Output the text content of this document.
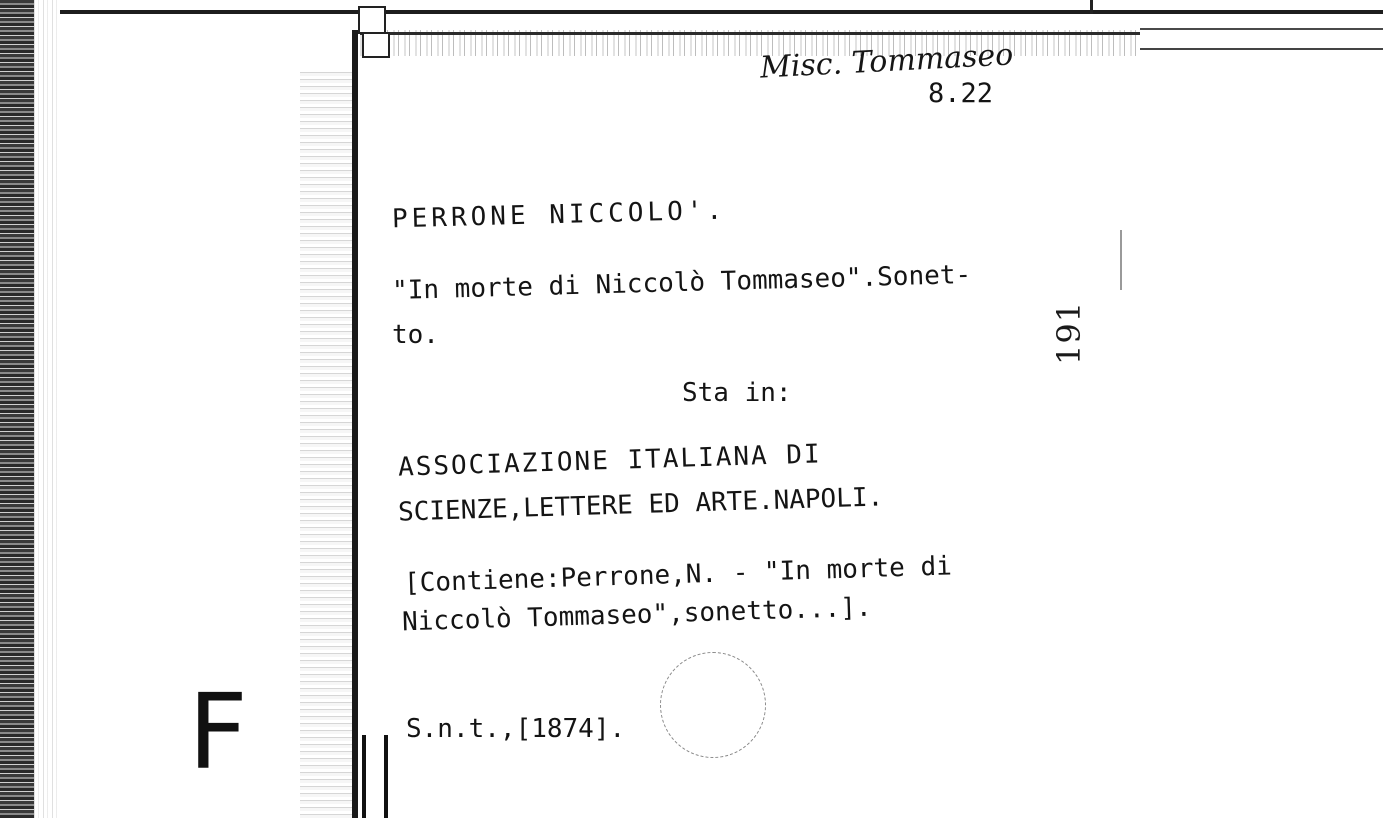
Misc. Tommaseo

8.22

PERRONE NICCOLO'.

"In morte di Niccolò Tommaseo".Sonet-

to.

Sta in:

191

ASSOCIAZIONE ITALIANA DI

SCIENZE,LETTERE ED ARTE.NAPOLI.

[Contiene:Perrone,N. - "In morte di

Niccolò Tommaseo",sonetto...].

S.n.t.,[1874].

F
